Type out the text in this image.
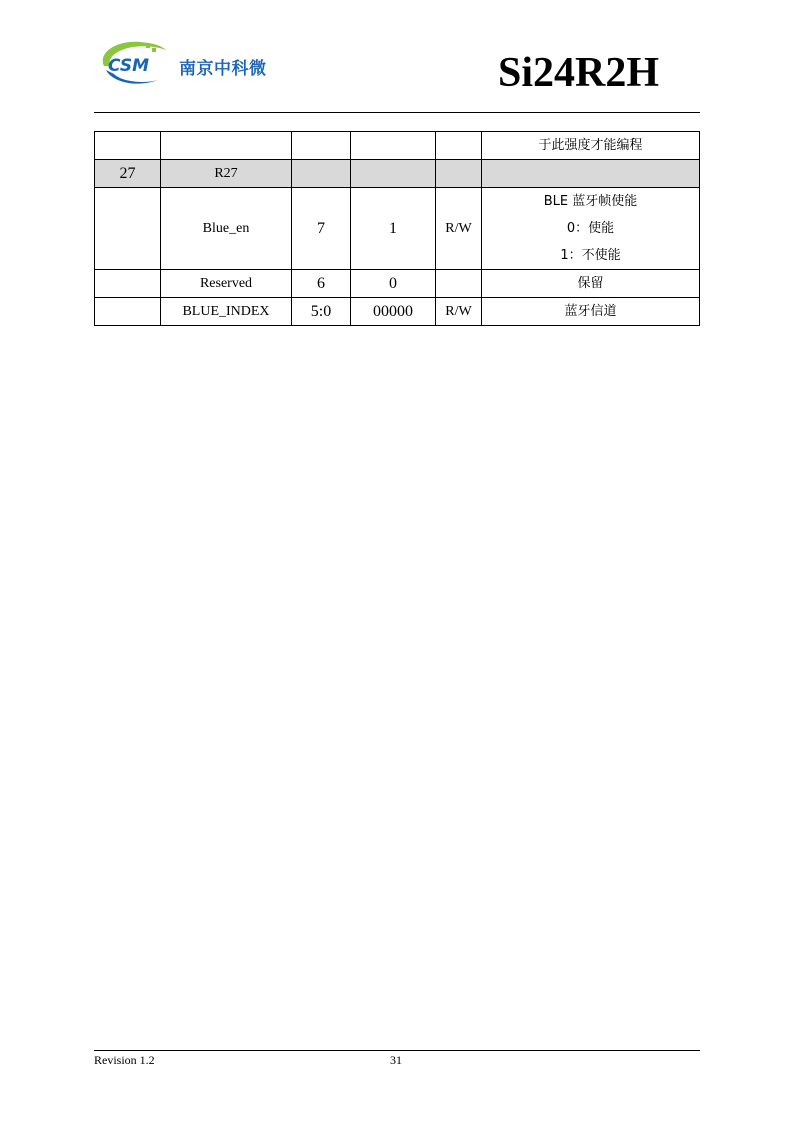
CSM 南京中科微	Si24R2H

					于此强度才能编程

27	R27				

	Blue_en	7	1	R/W	BLE 蓝牙帧使能
0：使能
1：不使能

	Reserved	6	0		保留

	BLUE_INDEX	5:0	00000	R/W	蓝牙信道
Revision 1.2	31
